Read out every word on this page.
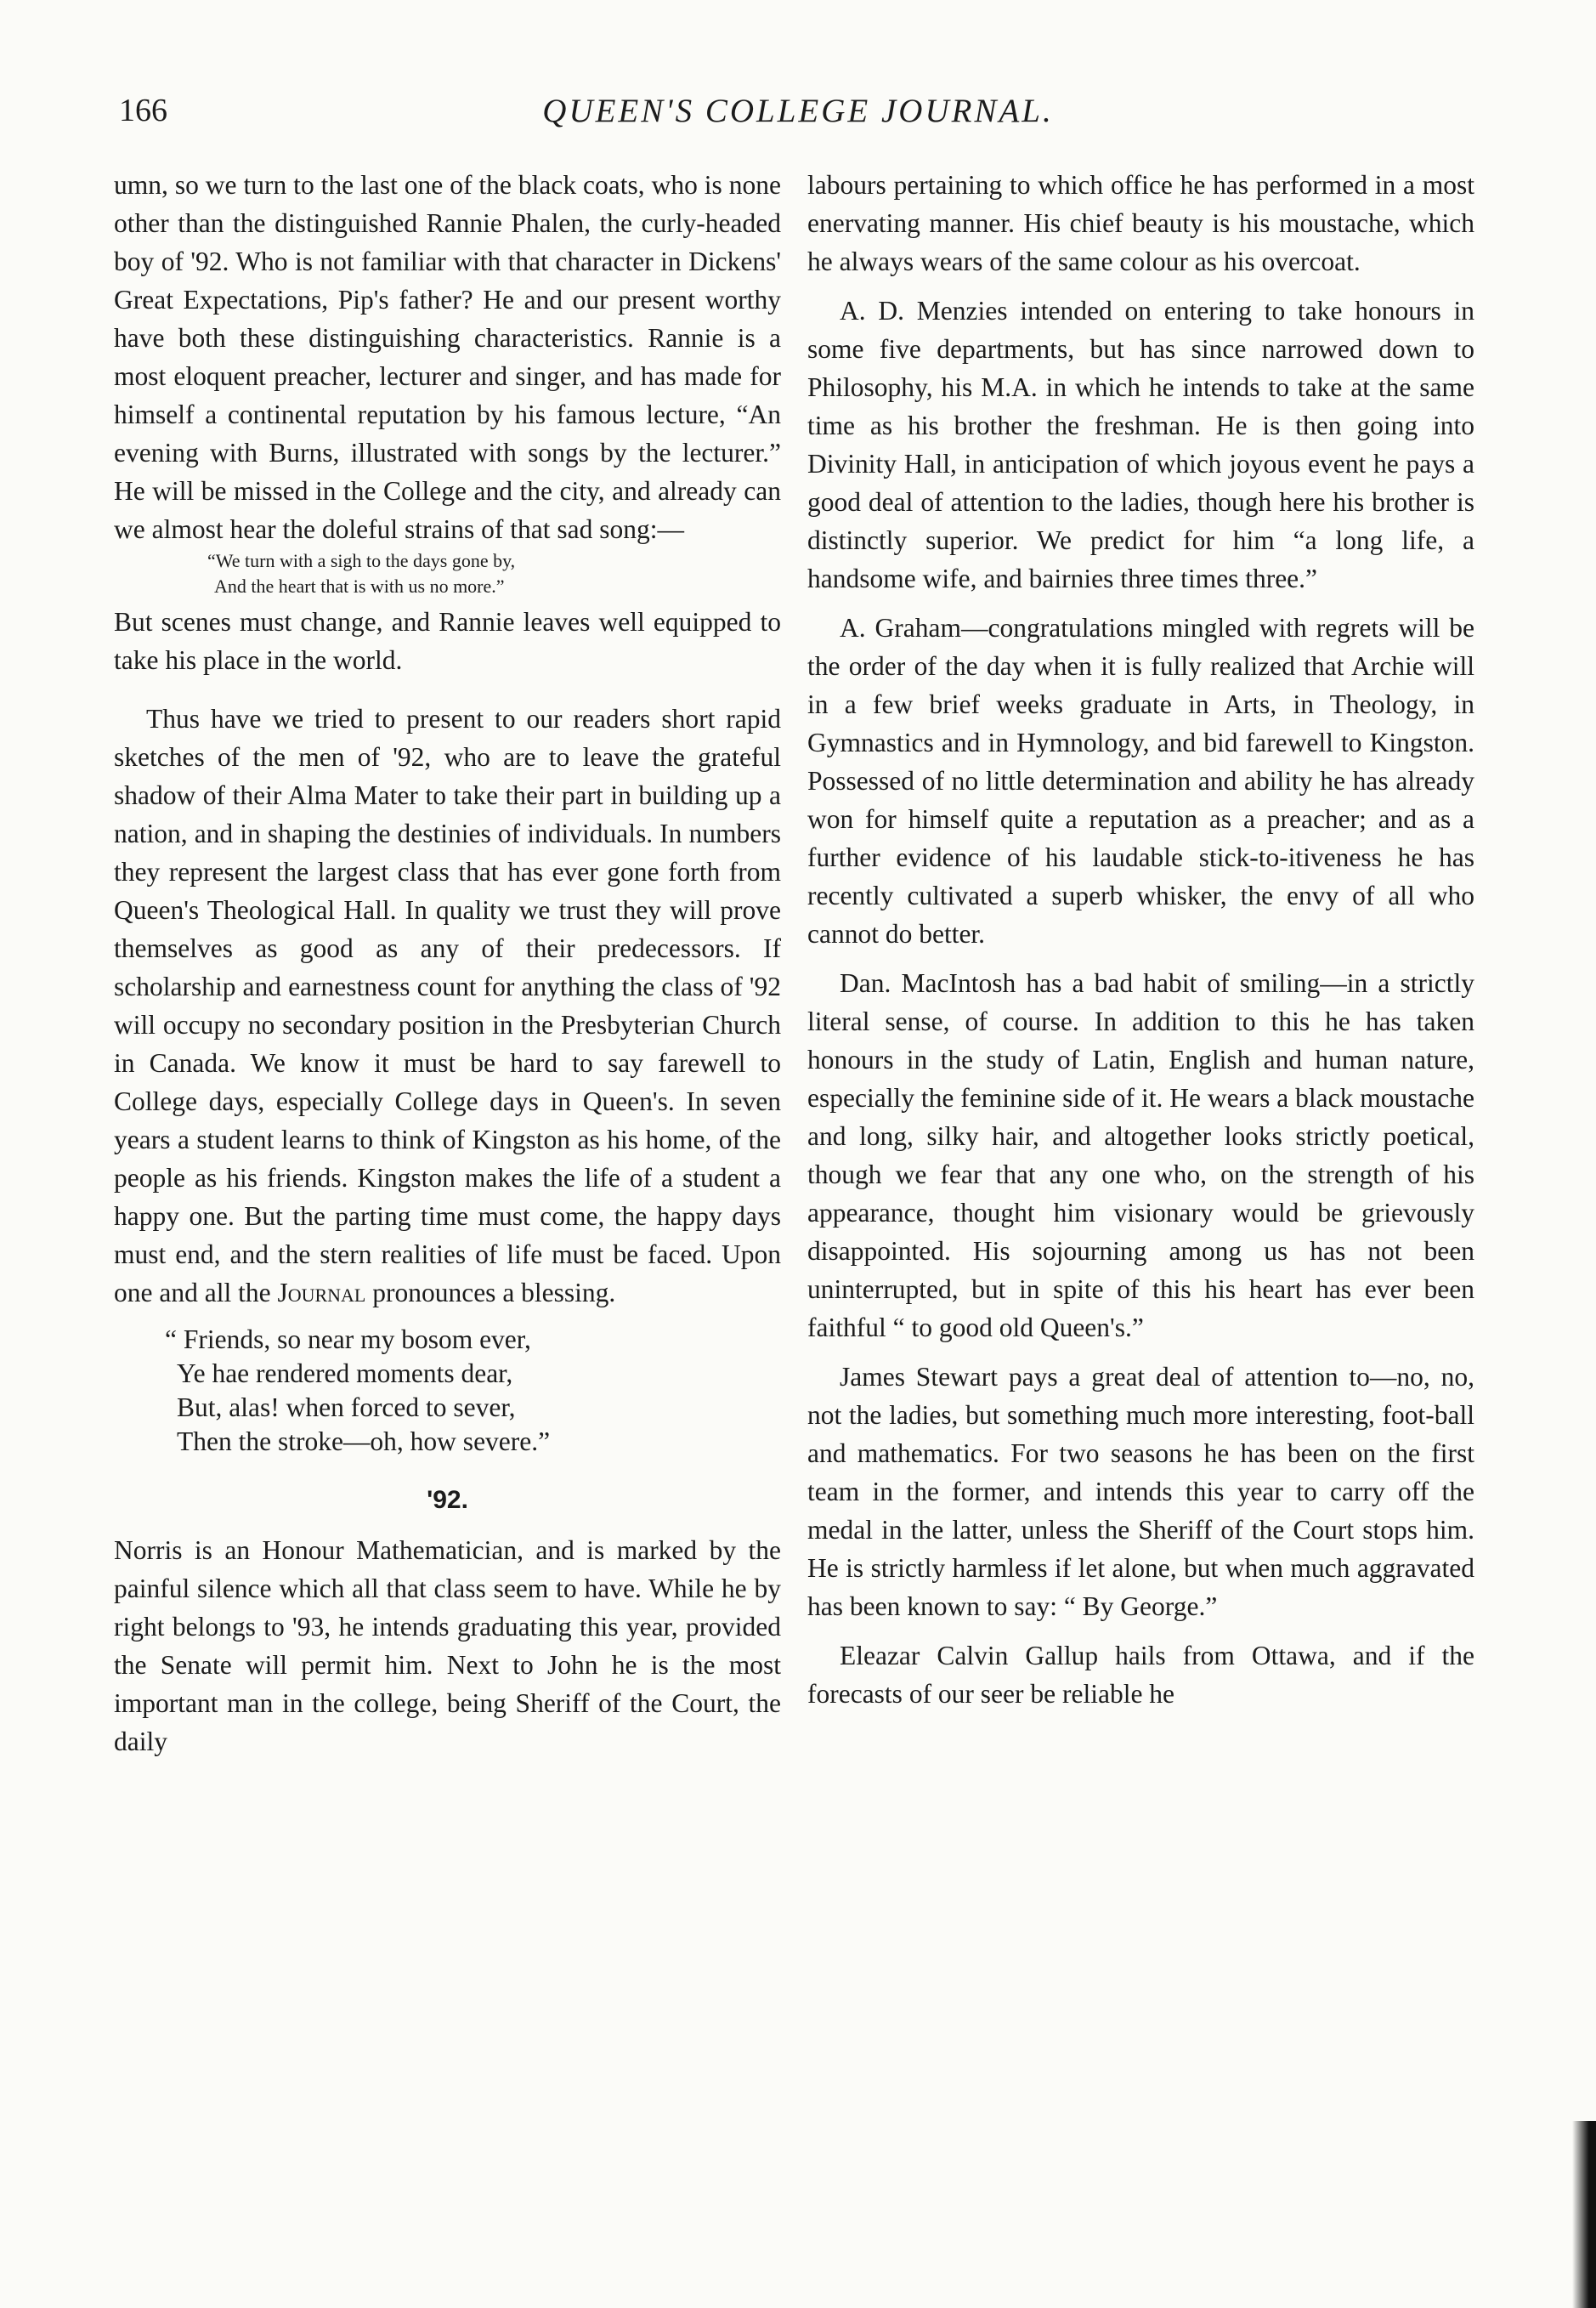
166	QUEEN'S COLLEGE JOURNAL.

umn, so we turn to the last one of the black coats, who is none other than the distinguished Rannie Phalen, the curly-headed boy of '92. Who is not familiar with that character in Dickens' Great Expectations, Pip's father? He and our present worthy have both these distinguishing characteristics. Rannie is a most eloquent preacher, lecturer and singer, and has made for himself a continental reputation by his famous lecture, “An evening with Burns, illustrated with songs by the lecturer.” He will be missed in the College and the city, and already can we almost hear the doleful strains of that sad song:—

“We turn with a sigh to the days gone by,
And the heart that is with us no more.”

But scenes must change, and Rannie leaves well equipped to take his place in the world.

Thus have we tried to present to our readers short rapid sketches of the men of '92, who are to leave the grateful shadow of their Alma Mater to take their part in building up a nation, and in shaping the destinies of individuals. In numbers they represent the largest class that has ever gone forth from Queen's Theological Hall. In quality we trust they will prove themselves as good as any of their predecessors. If scholarship and earnestness count for anything the class of '92 will occupy no secondary position in the Presbyterian Church in Canada. We know it must be hard to say farewell to College days, especially College days in Queen's. In seven years a student learns to think of Kingston as his home, of the people as his friends. Kingston makes the life of a student a happy one. But the parting time must come, the happy days must end, and the stern realities of life must be faced. Upon one and all the Journal pronounces a blessing.

“ Friends, so near my bosom ever,
Ye hae rendered moments dear,
But, alas! when forced to sever,
Then the stroke—oh, how severe.”
'92.

Norris is an Honour Mathematician, and is marked by the painful silence which all that class seem to have. While he by right belongs to '93, he intends graduating this year, provided the Senate will permit him. Next to John he is the most important man in the college, being Sheriff of the Court, the daily

labours pertaining to which office he has performed in a most enervating manner. His chief beauty is his moustache, which he always wears of the same colour as his overcoat.

A. D. Menzies intended on entering to take honours in some five departments, but has since narrowed down to Philosophy, his M.A. in which he intends to take at the same time as his brother the freshman. He is then going into Divinity Hall, in anticipation of which joyous event he pays a good deal of attention to the ladies, though here his brother is distinctly superior. We predict for him “a long life, a handsome wife, and bairnies three times three.”

A. Graham—congratulations mingled with regrets will be the order of the day when it is fully realized that Archie will in a few brief weeks graduate in Arts, in Theology, in Gymnastics and in Hymnology, and bid farewell to Kingston. Possessed of no little determination and ability he has already won for himself quite a reputation as a preacher; and as a further evidence of his laudable stick-to-itiveness he has recently cultivated a superb whisker, the envy of all who cannot do better.

Dan. MacIntosh has a bad habit of smiling—in a strictly literal sense, of course. In addition to this he has taken honours in the study of Latin, English and human nature, especially the feminine side of it. He wears a black moustache and long, silky hair, and altogether looks strictly poetical, though we fear that any one who, on the strength of his appearance, thought him visionary would be grievously disappointed. His sojourning among us has not been uninterrupted, but in spite of this his heart has ever been faithful “ to good old Queen's.”

James Stewart pays a great deal of attention to—no, no, not the ladies, but something much more interesting, foot-ball and mathematics. For two seasons he has been on the first team in the former, and intends this year to carry off the medal in the latter, unless the Sheriff of the Court stops him. He is strictly harmless if let alone, but when much aggravated has been known to say: “ By George.”

Eleazar Calvin Gallup hails from Ottawa, and if the forecasts of our seer be reliable he
